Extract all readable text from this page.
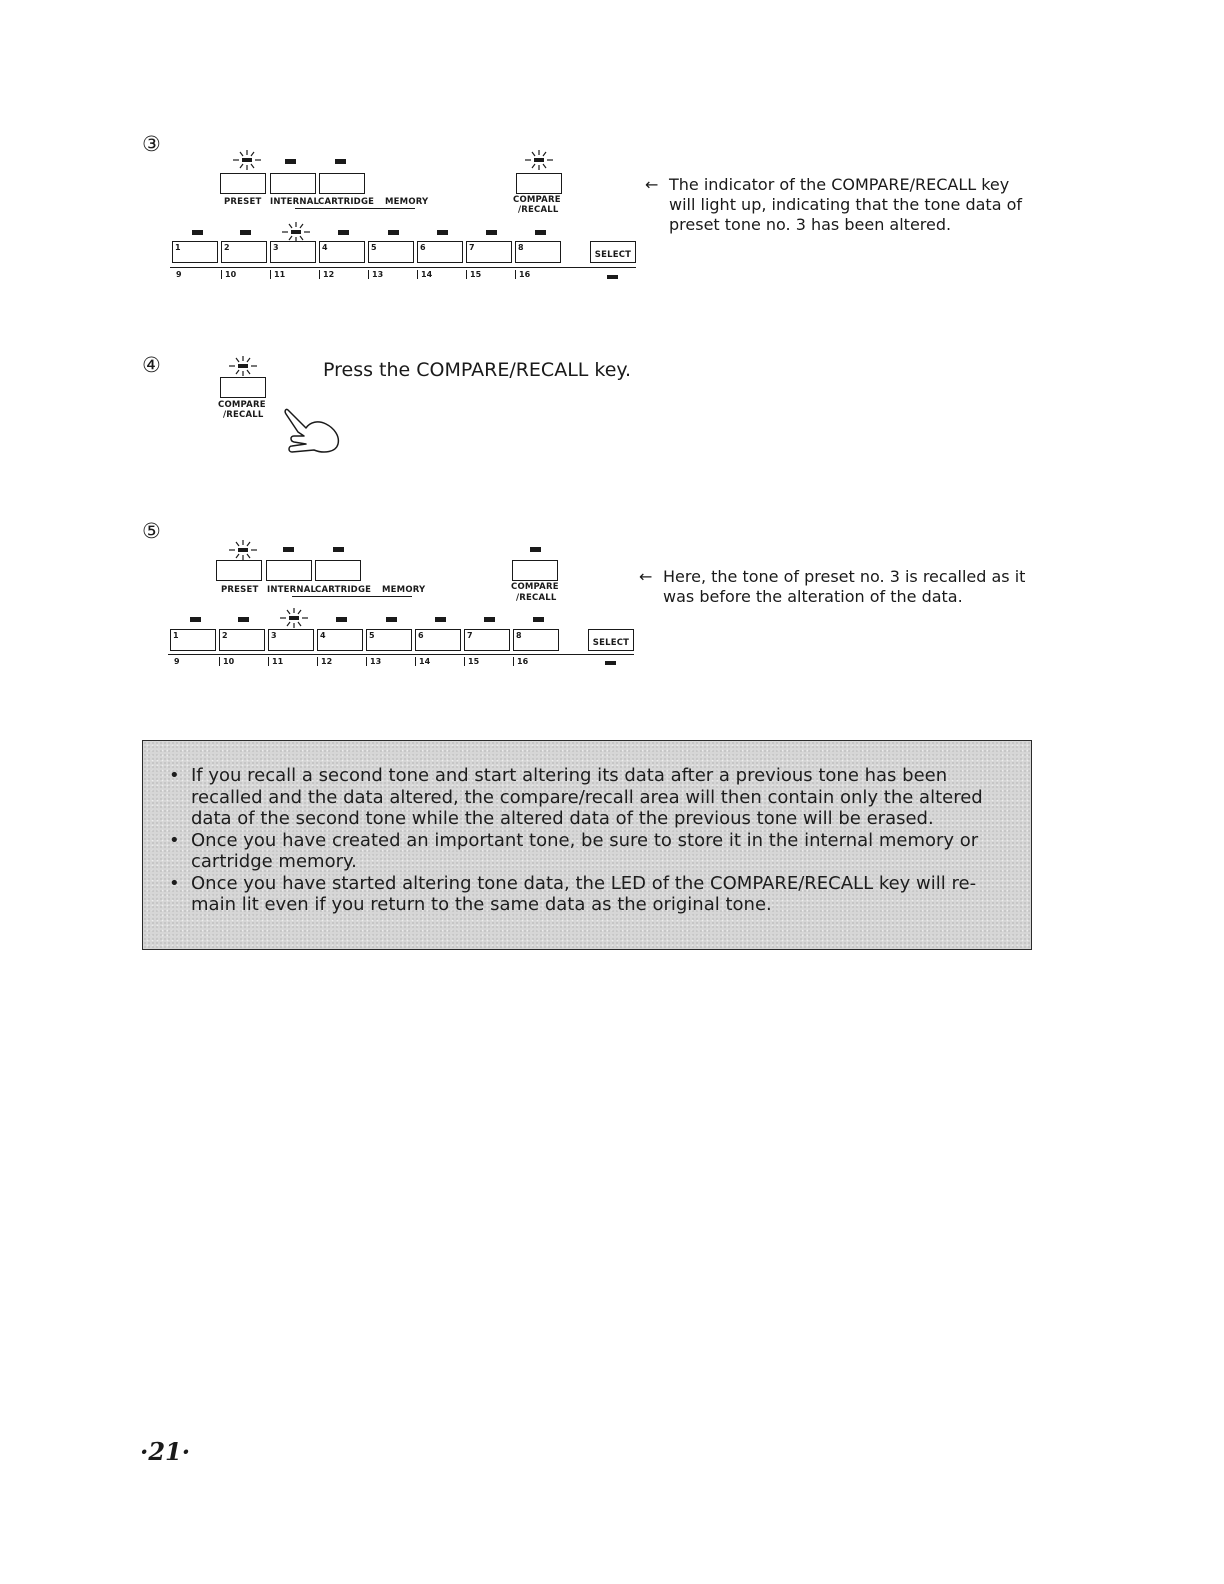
③
PRESET INTERNAL
CARTRIDGE MEMORY	COMPARE
/RECALL
1	2	3	4	5	6	7	8
SELECT
9	10	11	12	13	14	15	16
← The indicator of the COMPARE/RECALL key will light up, indicating that the tone data of preset tone no. 3 has been altered.
④
COMPARE
/RECALL
Press the COMPARE/RECALL key.
⑤
PRESET INTERNAL
CARTRIDGE MEMORY	COMPARE
/RECALL
1	2	3	4	5	6	7	8
SELECT
9	10	11	12	13	14	15	16
← Here, the tone of preset no. 3 is recalled as it was before the alteration of the data.
• If you recall a second tone and start altering its data after a previous tone has been recalled and the data altered, the compare/recall area will then contain only the altered data of the second tone while the altered data of the previous tone will be erased.
• Once you have created an important tone, be sure to store it in the internal memory or cartridge memory.
• Once you have started altering tone data, the LED of the COMPARE/RECALL key will re-main lit even if you return to the same data as the original tone.
·21·
